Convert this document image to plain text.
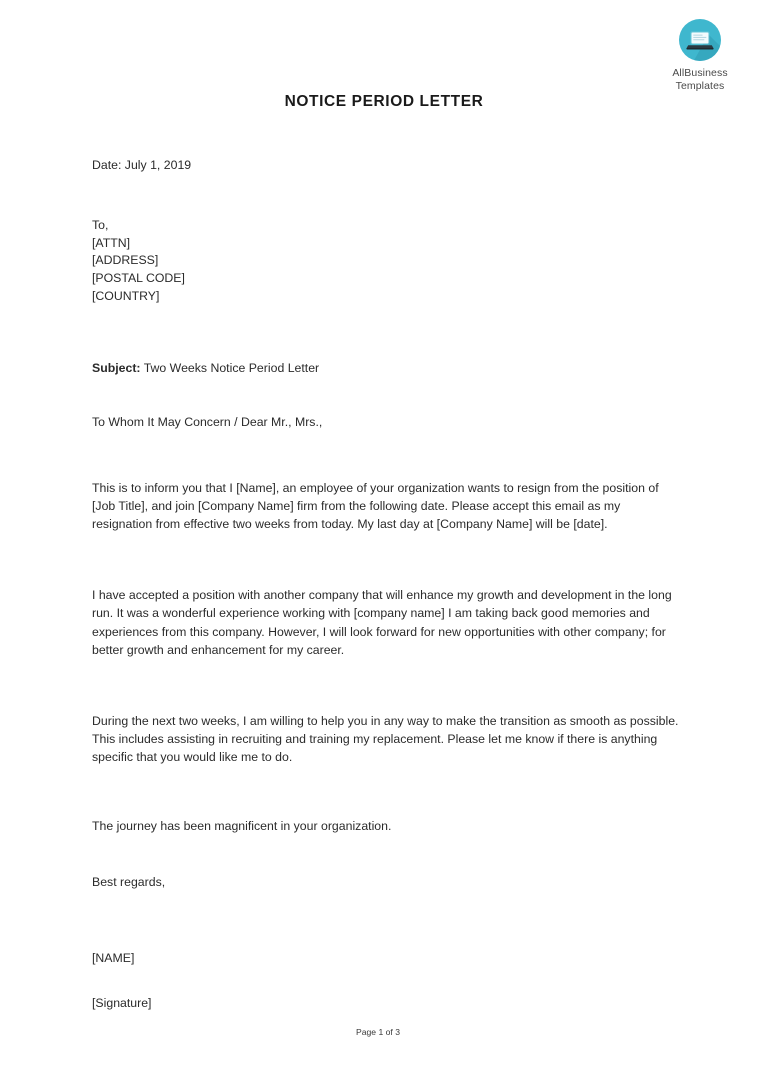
AllBusiness
Templates
NOTICE PERIOD LETTER

Date: July 1, 2019

To,

[ATTN]

[ADDRESS]

[POSTAL CODE]

[COUNTRY]

Subject: Two Weeks Notice Period Letter

To Whom It May Concern / Dear Mr., Mrs.,

This is to inform you that I [Name], an employee of your organization wants to resign from the position of [Job Title], and join [Company Name] firm from the following date. Please accept this email as my resignation from effective two weeks from today. My last day at [Company Name] will be [date].

I have accepted a position with another company that will enhance my growth and development in the long run. It was a wonderful experience working with [company name] I am taking back good memories and experiences from this company. However, I will look forward for new opportunities with other company; for better growth and enhancement for my career.

During the next two weeks, I am willing to help you in any way to make the transition as smooth as possible. This includes assisting in recruiting and training my replacement. Please let me know if there is anything specific that you would like me to do.

The journey has been magnificent in your organization.

Best regards,

[NAME]

[Signature]

Page 1 of 3
